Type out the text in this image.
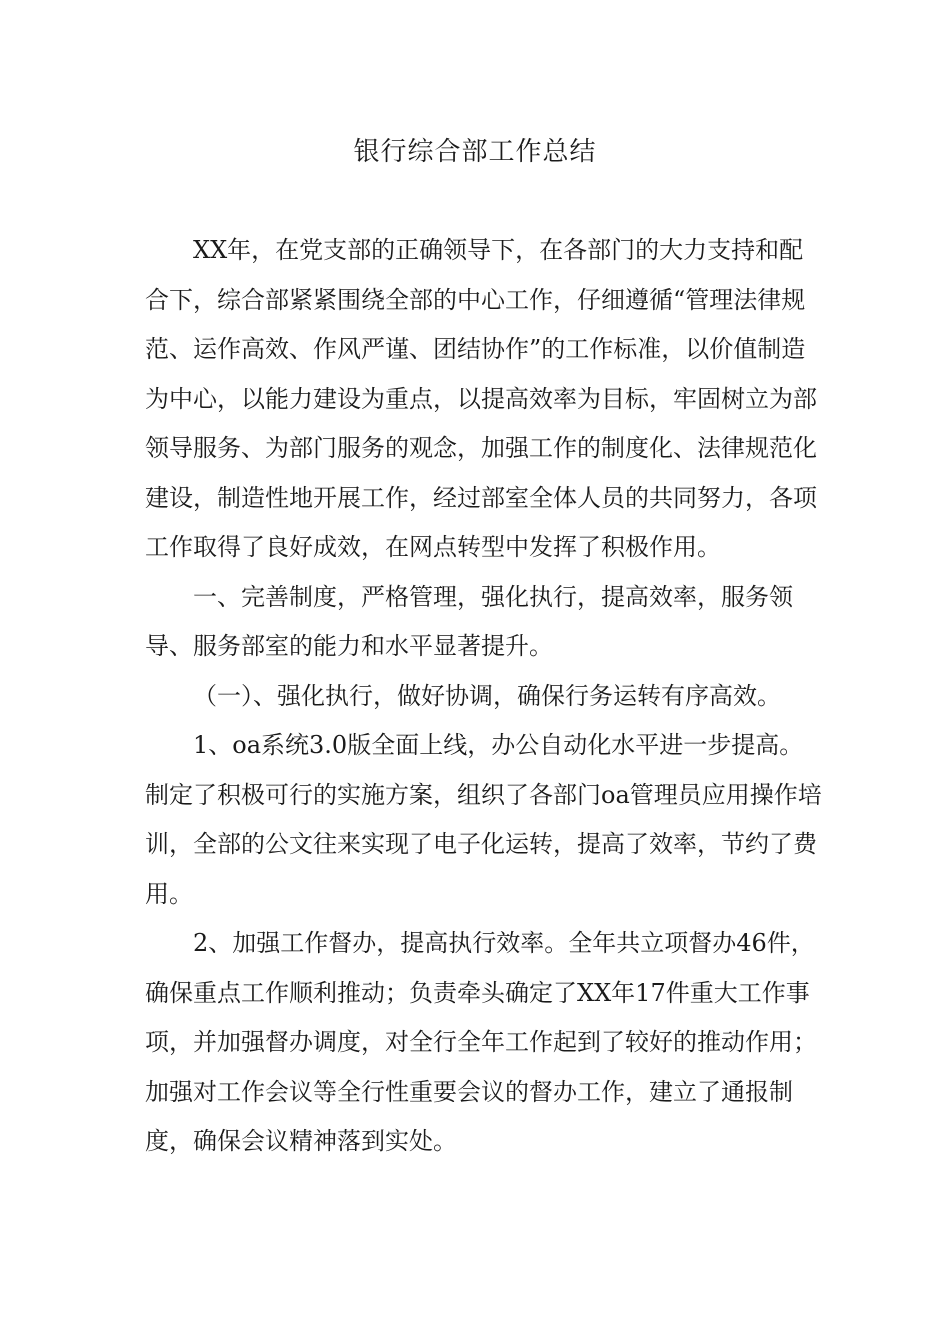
银行综合部工作总结

XX年，在党支部的正确领导下，在各部门的大力支持和配合下，综合部紧紧围绕全部的中心工作，仔细遵循“管理法律规范、运作高效、作风严谨、团结协作”的工作标准，以价值制造为中心，以能力建设为重点，以提高效率为目标，牢固树立为部领导服务、为部门服务的观念，加强工作的制度化、法律规范化建设，制造性地开展工作，经过部室全体人员的共同努力，各项工作取得了良好成效，在网点转型中发挥了积极作用。

一、完善制度，严格管理，强化执行，提高效率，服务领导、服务部室的能力和水平显著提升。

（一）、强化执行，做好协调，确保行务运转有序高效。

1、oa系统3.0版全面上线，办公自动化水平进一步提高。制定了积极可行的实施方案，组织了各部门oa管理员应用操作培训，全部的公文往来实现了电子化运转，提高了效率，节约了费用。

2、加强工作督办，提高执行效率。全年共立项督办46件，确保重点工作顺利推动；负责牵头确定了XX年17件重大工作事项，并加强督办调度，对全行全年工作起到了较好的推动作用；加强对工作会议等全行性重要会议的督办工作，建立了通报制度，确保会议精神落到实处。
